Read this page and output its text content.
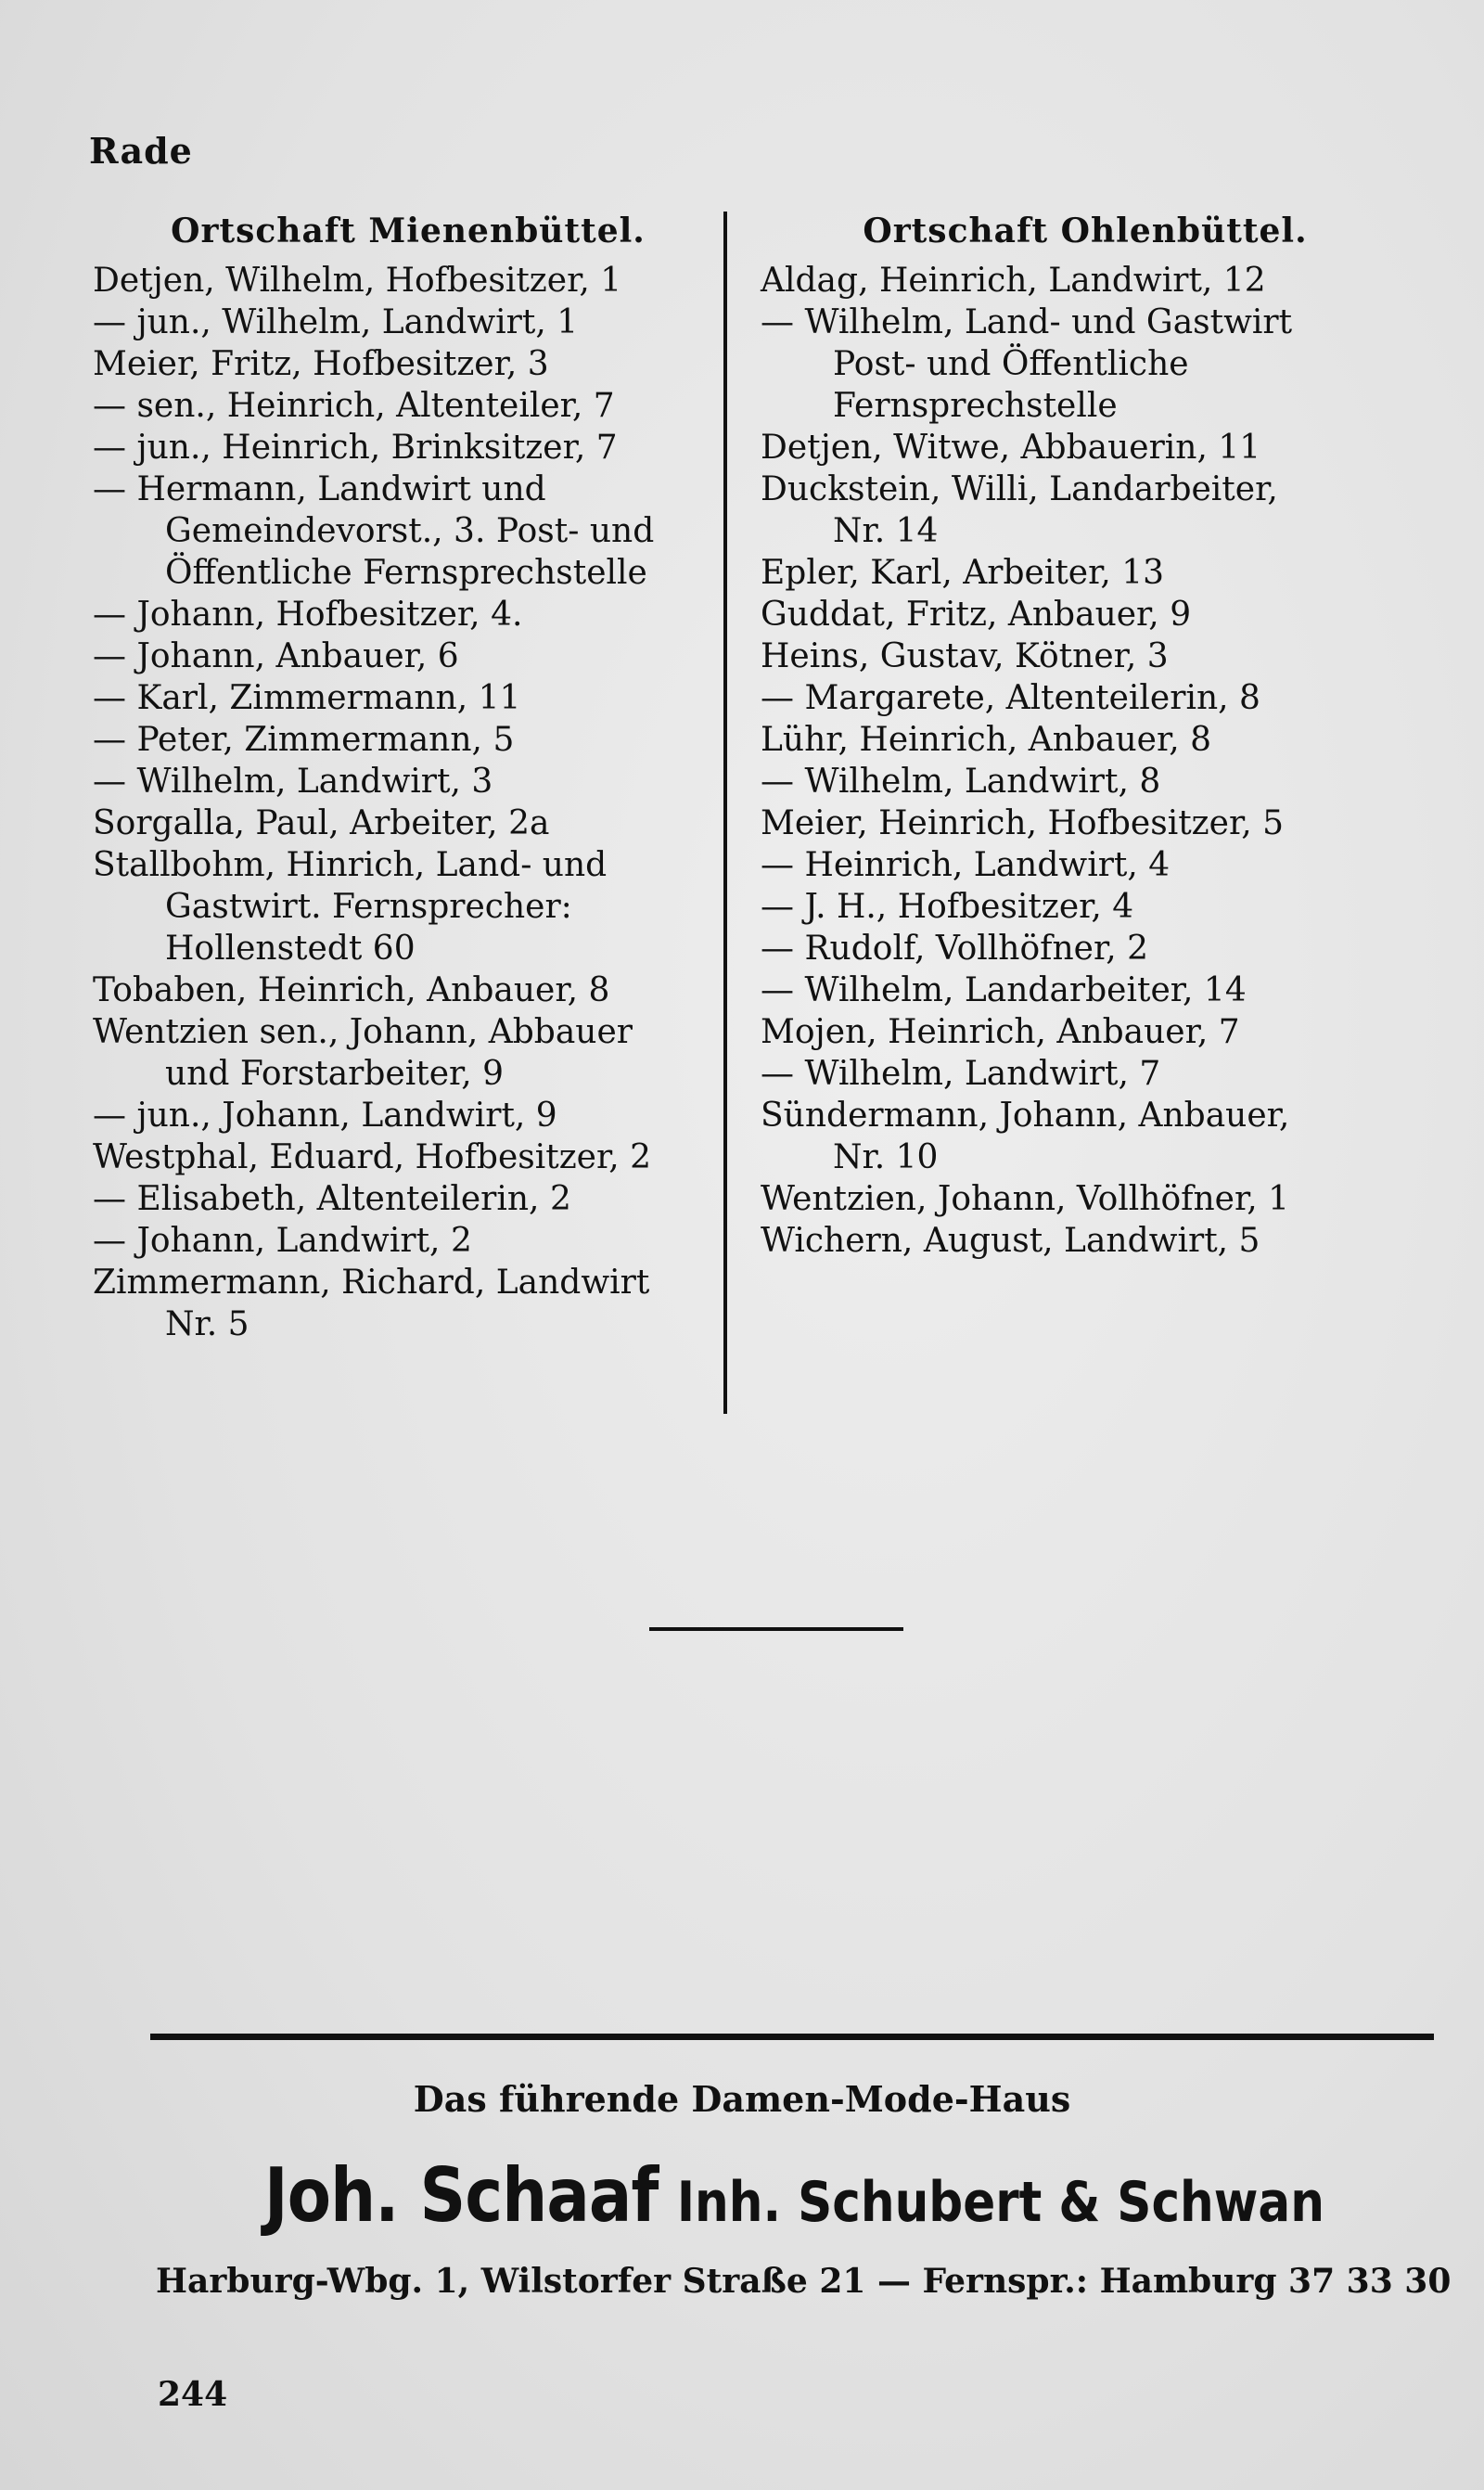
Rade
Ortschaft Mienenbüttel.
Detjen, Wilhelm, Hofbesitzer, 1
— jun., Wilhelm, Landwirt, 1
Meier, Fritz, Hofbesitzer, 3
— sen., Heinrich, Altenteiler, 7
— jun., Heinrich, Brinksitzer, 7
— Hermann, Landwirt und
Gemeindevorst., 3. Post- und
Öffentliche Fernsprechstelle
— Johann, Hofbesitzer, 4.
— Johann, Anbauer, 6
— Karl, Zimmermann, 11
— Peter, Zimmermann, 5
— Wilhelm, Landwirt, 3
Sorgalla, Paul, Arbeiter, 2a
Stallbohm, Hinrich, Land- und
Gastwirt. Fernsprecher:
Hollenstedt 60
Tobaben, Heinrich, Anbauer, 8
Wentzien sen., Johann, Abbauer
und Forstarbeiter, 9
— jun., Johann, Landwirt, 9
Westphal, Eduard, Hofbesitzer, 2
— Elisabeth, Altenteilerin, 2
— Johann, Landwirt, 2
Zimmermann, Richard, Landwirt
Nr. 5
Ortschaft Ohlenbüttel.
Aldag, Heinrich, Landwirt, 12
— Wilhelm, Land- und Gastwirt
Post- und Öffentliche
Fernsprechstelle
Detjen, Witwe, Abbauerin, 11
Duckstein, Willi, Landarbeiter,
Nr. 14
Epler, Karl, Arbeiter, 13
Guddat, Fritz, Anbauer, 9
Heins, Gustav, Kötner, 3
— Margarete, Altenteilerin, 8
Lühr, Heinrich, Anbauer, 8
— Wilhelm, Landwirt, 8
Meier, Heinrich, Hofbesitzer, 5
— Heinrich, Landwirt, 4
— J. H., Hofbesitzer, 4
— Rudolf, Vollhöfner, 2
— Wilhelm, Landarbeiter, 14
Mojen, Heinrich, Anbauer, 7
— Wilhelm, Landwirt, 7
Sündermann, Johann, Anbauer,
Nr. 10
Wentzien, Johann, Vollhöfner, 1
Wichern, August, Landwirt, 5
Das führende Damen-Mode-Haus
Joh. Schaaf Inh. Schubert & Schwan
Harburg-Wbg. 1, Wilstorfer Straße 21 — Fernspr.: Hamburg 37 33 30
244
